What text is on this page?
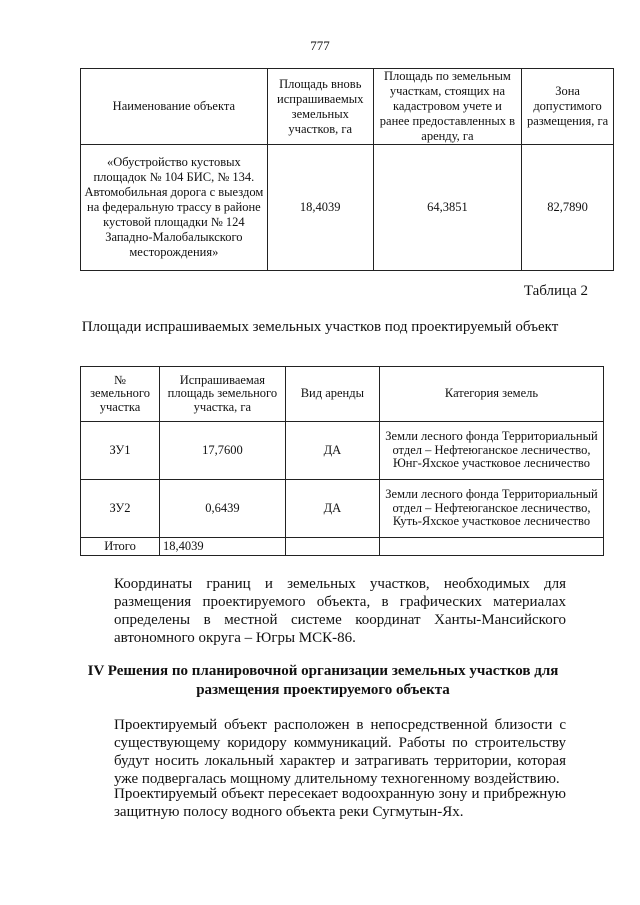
777
Наименование объекта	Площадь вновь испрашиваемых земельных участков, га	Площадь по земельным участкам, стоящих на кадастровом учете и ранее предоставленных в аренду, га	Зона допустимого размещения, га
«Обустройство кустовых площадок № 104 БИС, № 134. Автомобильная дорога с выездом на федеральную трассу в районе кустовой площадки № 124 Западно-Малобалыкского месторождения»	18,4039	64,3851	82,7890
Таблица 2
Площади испрашиваемых земельных участков под проектируемый объект
№ земельного участка	Испрашиваемая площадь земельного участка, га	Вид аренды	Категория земель
ЗУ1	17,7600	ДА	Земли лесного фонда Территориальный отдел – Нефтеюганское лесничество, Юнг-Яхское участковое лесничество
ЗУ2	0,6439	ДА	Земли лесного фонда Территориальный отдел – Нефтеюганское лесничество, Куть-Яхское участковое лесничество
Итого	18,4039		
Координаты границ и земельных участков, необходимых для размещения проектируемого объекта, в графических материалах определены в местной системе координат Ханты-Мансийского автономного округа – Югры МСК-86.
IV Решения по планировочной организации земельных участков для размещения проектируемого объекта
Проектируемый объект расположен в непосредственной близости с существующему коридору коммуникаций. Работы по строительству будут носить локальный характер и затрагивать территории, которая уже подвергалась мощному длительному техногенному воздействию.
Проектируемый объект пересекает водоохранную зону и прибрежную защитную полосу водного объекта реки Сугмутын-Ях.
